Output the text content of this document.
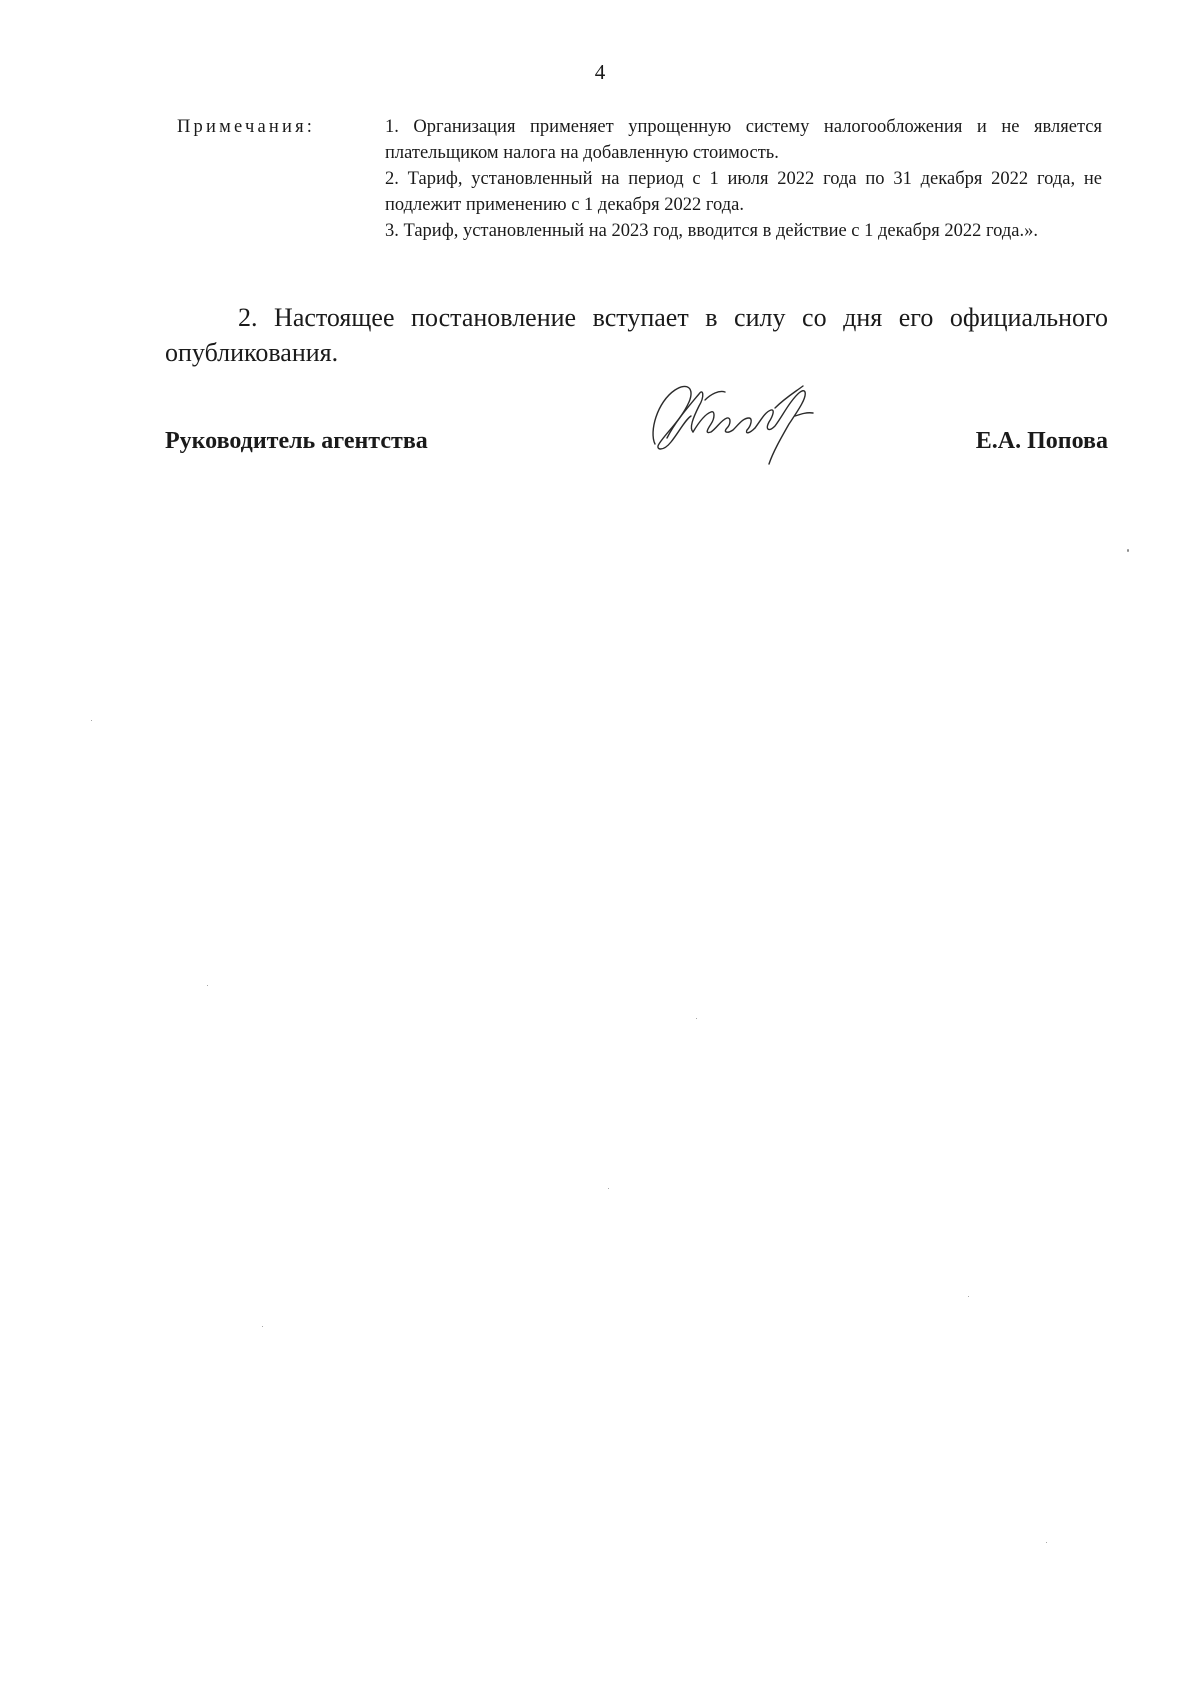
4
Примечания:	1. Организация применяет упрощенную систему налогообложения и не является плательщиком налога на добавленную стоимость.

2. Тариф, установленный на период с 1 июля 2022 года по 31 декабря 2022 года, не подлежит применению с 1 декабря 2022 года.

3. Тариф, установленный на 2023 год, вводится в действие с 1 декабря 2022 года.».

2. Настоящее постановление вступает в силу со дня его официального опубликования.

Руководитель агентства	Е.А. Попова
